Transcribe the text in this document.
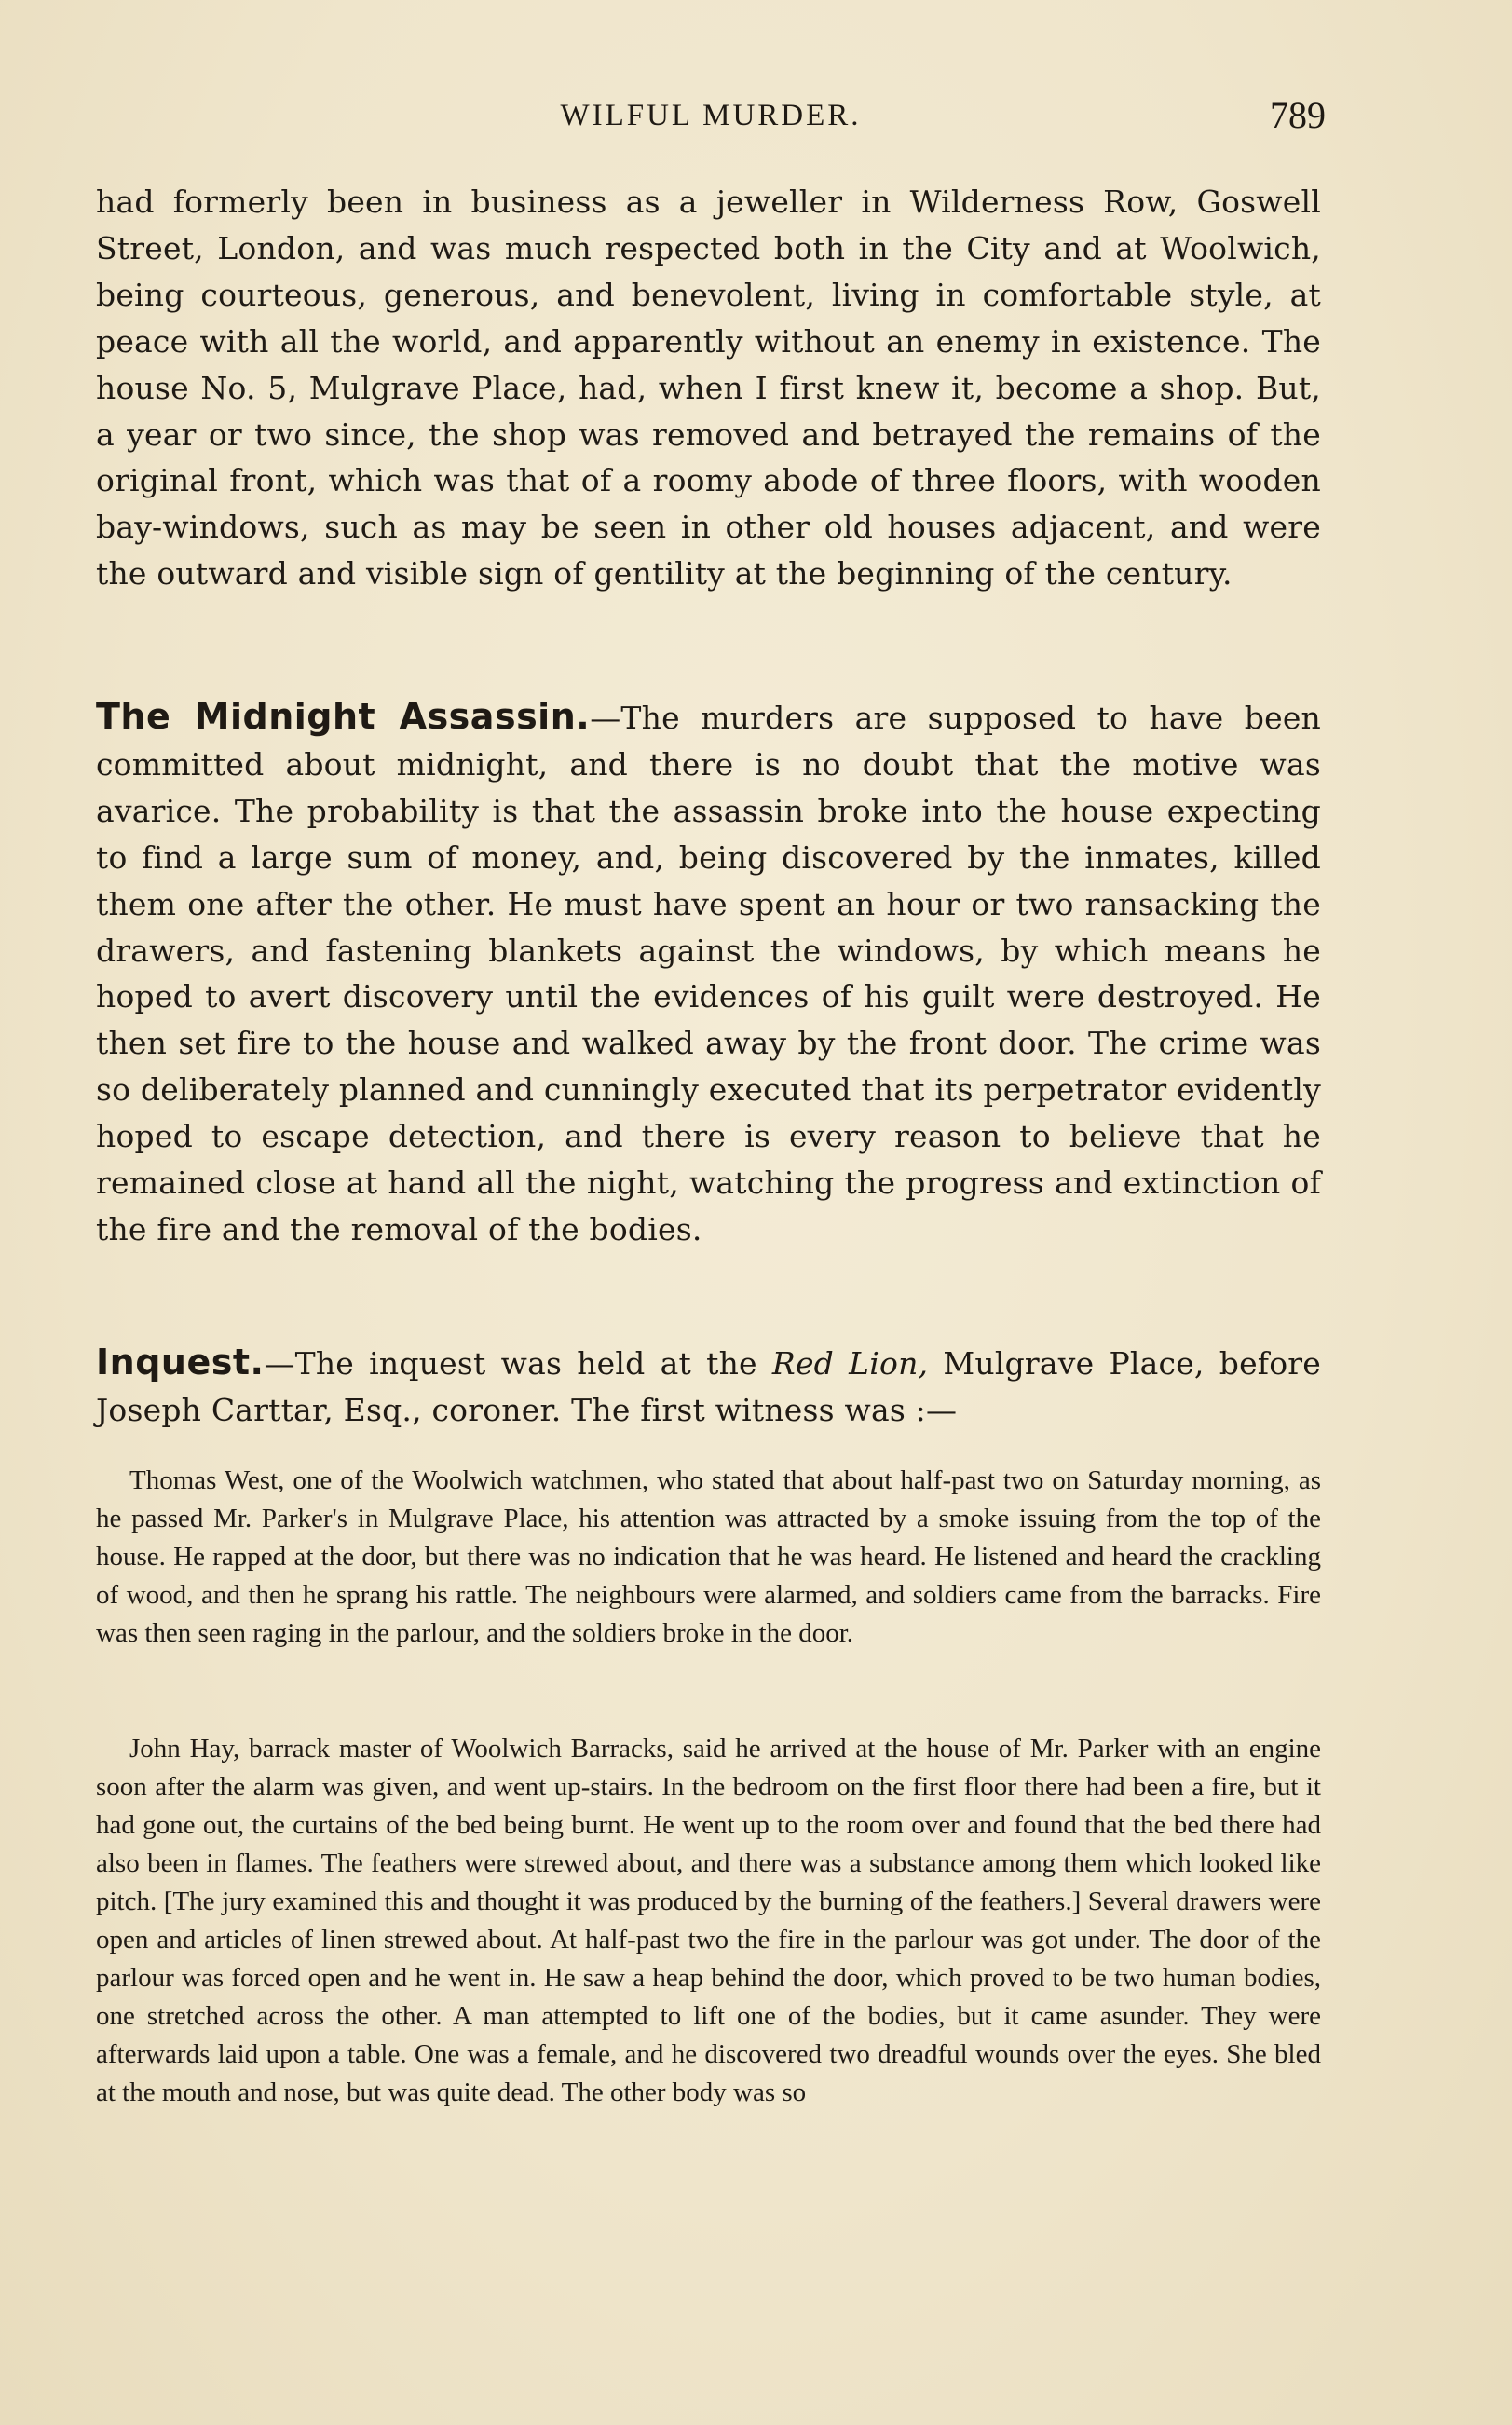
WILFUL MURDER.	789

had formerly been in business as a jeweller in Wilderness Row, Goswell Street, London, and was much respected both in the City and at Woolwich, being courteous, generous, and benevolent, living in comfortable style, at peace with all the world, and apparently without an enemy in existence. The house No. 5, Mulgrave Place, had, when I first knew it, become a shop. But, a year or two since, the shop was removed and betrayed the remains of the original front, which was that of a roomy abode of three floors, with wooden bay-windows, such as may be seen in other old houses adjacent, and were the outward and visible sign of gentility at the beginning of the century.

The Midnight Assassin.—The murders are supposed to have been committed about midnight, and there is no doubt that the motive was avarice. The probability is that the assassin broke into the house expecting to find a large sum of money, and, being discovered by the inmates, killed them one after the other. He must have spent an hour or two ransacking the drawers, and fastening blankets against the windows, by which means he hoped to avert discovery until the evidences of his guilt were destroyed. He then set fire to the house and walked away by the front door. The crime was so deliberately planned and cunningly executed that its perpetrator evidently hoped to escape detection, and there is every reason to believe that he remained close at hand all the night, watching the progress and extinction of the fire and the removal of the bodies.

Inquest.—The inquest was held at the Red Lion, Mulgrave Place, before Joseph Carttar, Esq., coroner. The first witness was :—

Thomas West, one of the Woolwich watchmen, who stated that about half-past two on Saturday morning, as he passed Mr. Parker's in Mulgrave Place, his attention was attracted by a smoke issuing from the top of the house. He rapped at the door, but there was no indication that he was heard. He listened and heard the crackling of wood, and then he sprang his rattle. The neighbours were alarmed, and soldiers came from the barracks. Fire was then seen raging in the parlour, and the soldiers broke in the door.

John Hay, barrack master of Woolwich Barracks, said he arrived at the house of Mr. Parker with an engine soon after the alarm was given, and went up-stairs. In the bedroom on the first floor there had been a fire, but it had gone out, the curtains of the bed being burnt. He went up to the room over and found that the bed there had also been in flames. The feathers were strewed about, and there was a substance among them which looked like pitch. [The jury examined this and thought it was produced by the burning of the feathers.] Several drawers were open and articles of linen strewed about. At half-past two the fire in the parlour was got under. The door of the parlour was forced open and he went in. He saw a heap behind the door, which proved to be two human bodies, one stretched across the other. A man attempted to lift one of the bodies, but it came asunder. They were afterwards laid upon a table. One was a female, and he discovered two dreadful wounds over the eyes. She bled at the mouth and nose, but was quite dead. The other body was so
